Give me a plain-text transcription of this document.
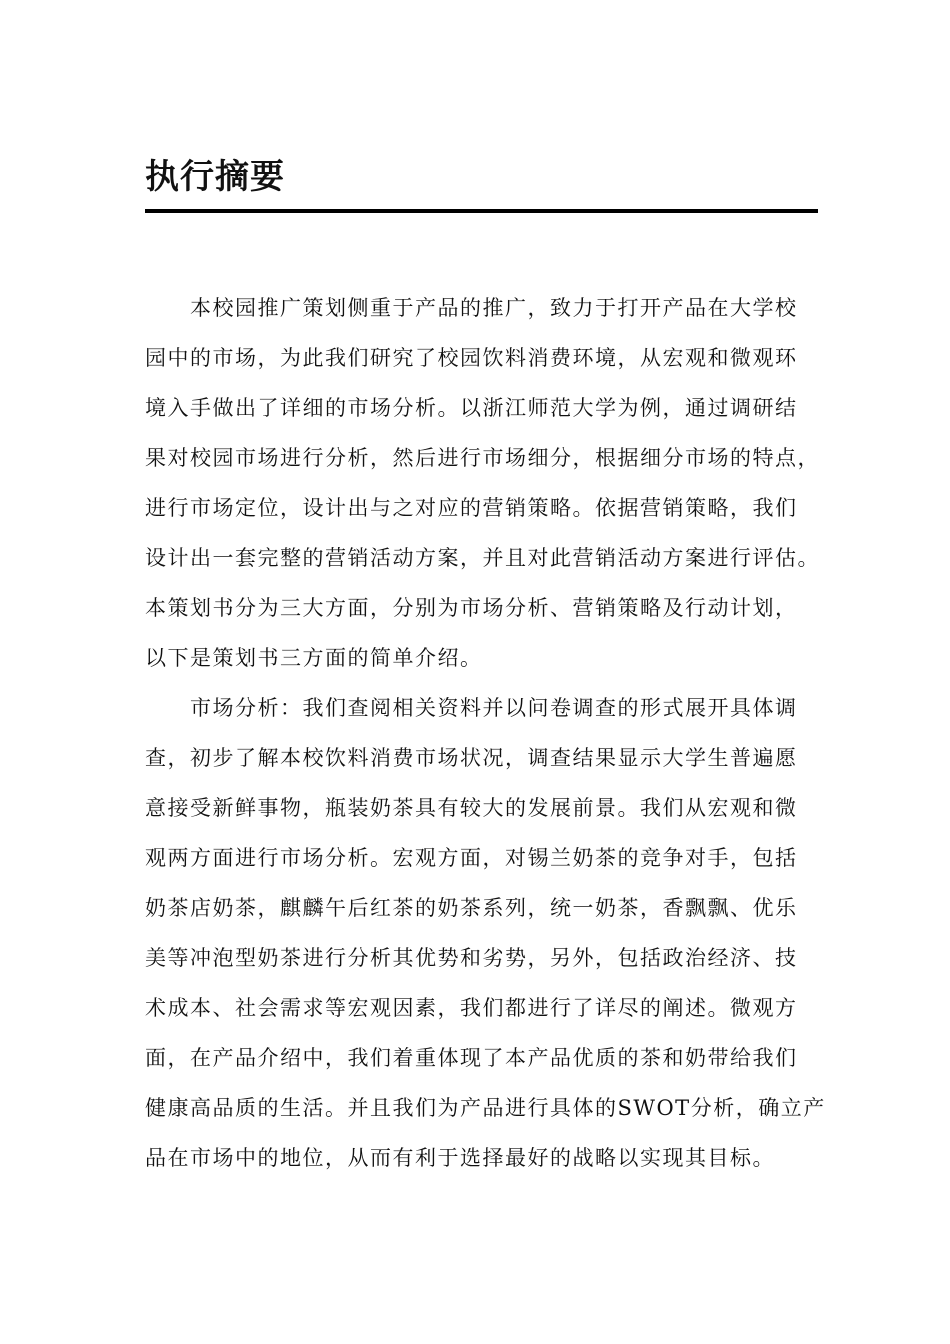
执行摘要
本校园推广策划侧重于产品的推广，致力于打开产品在大学校
园中的市场，为此我们研究了校园饮料消费环境，从宏观和微观环
境入手做出了详细的市场分析。以浙江师范大学为例，通过调研结
果对校园市场进行分析，然后进行市场细分，根据细分市场的特点，
进行市场定位，设计出与之对应的营销策略。依据营销策略，我们
设计出一套完整的营销活动方案，并且对此营销活动方案进行评估。
本策划书分为三大方面，分别为市场分析、营销策略及行动计划，
以下是策划书三方面的简单介绍。
市场分析：我们查阅相关资料并以问卷调查的形式展开具体调
查，初步了解本校饮料消费市场状况，调查结果显示大学生普遍愿
意接受新鲜事物，瓶装奶茶具有较大的发展前景。我们从宏观和微
观两方面进行市场分析。宏观方面，对锡兰奶茶的竞争对手，包括
奶茶店奶茶，麒麟午后红茶的奶茶系列，统一奶茶，香飘飘、优乐
美等冲泡型奶茶进行分析其优势和劣势，另外，包括政治经济、技
术成本、社会需求等宏观因素，我们都进行了详尽的阐述。微观方
面，在产品介绍中，我们着重体现了本产品优质的茶和奶带给我们
健康高品质的生活。并且我们为产品进行具体的SWOT分析，确立产
品在市场中的地位，从而有利于选择最好的战略以实现其目标。
